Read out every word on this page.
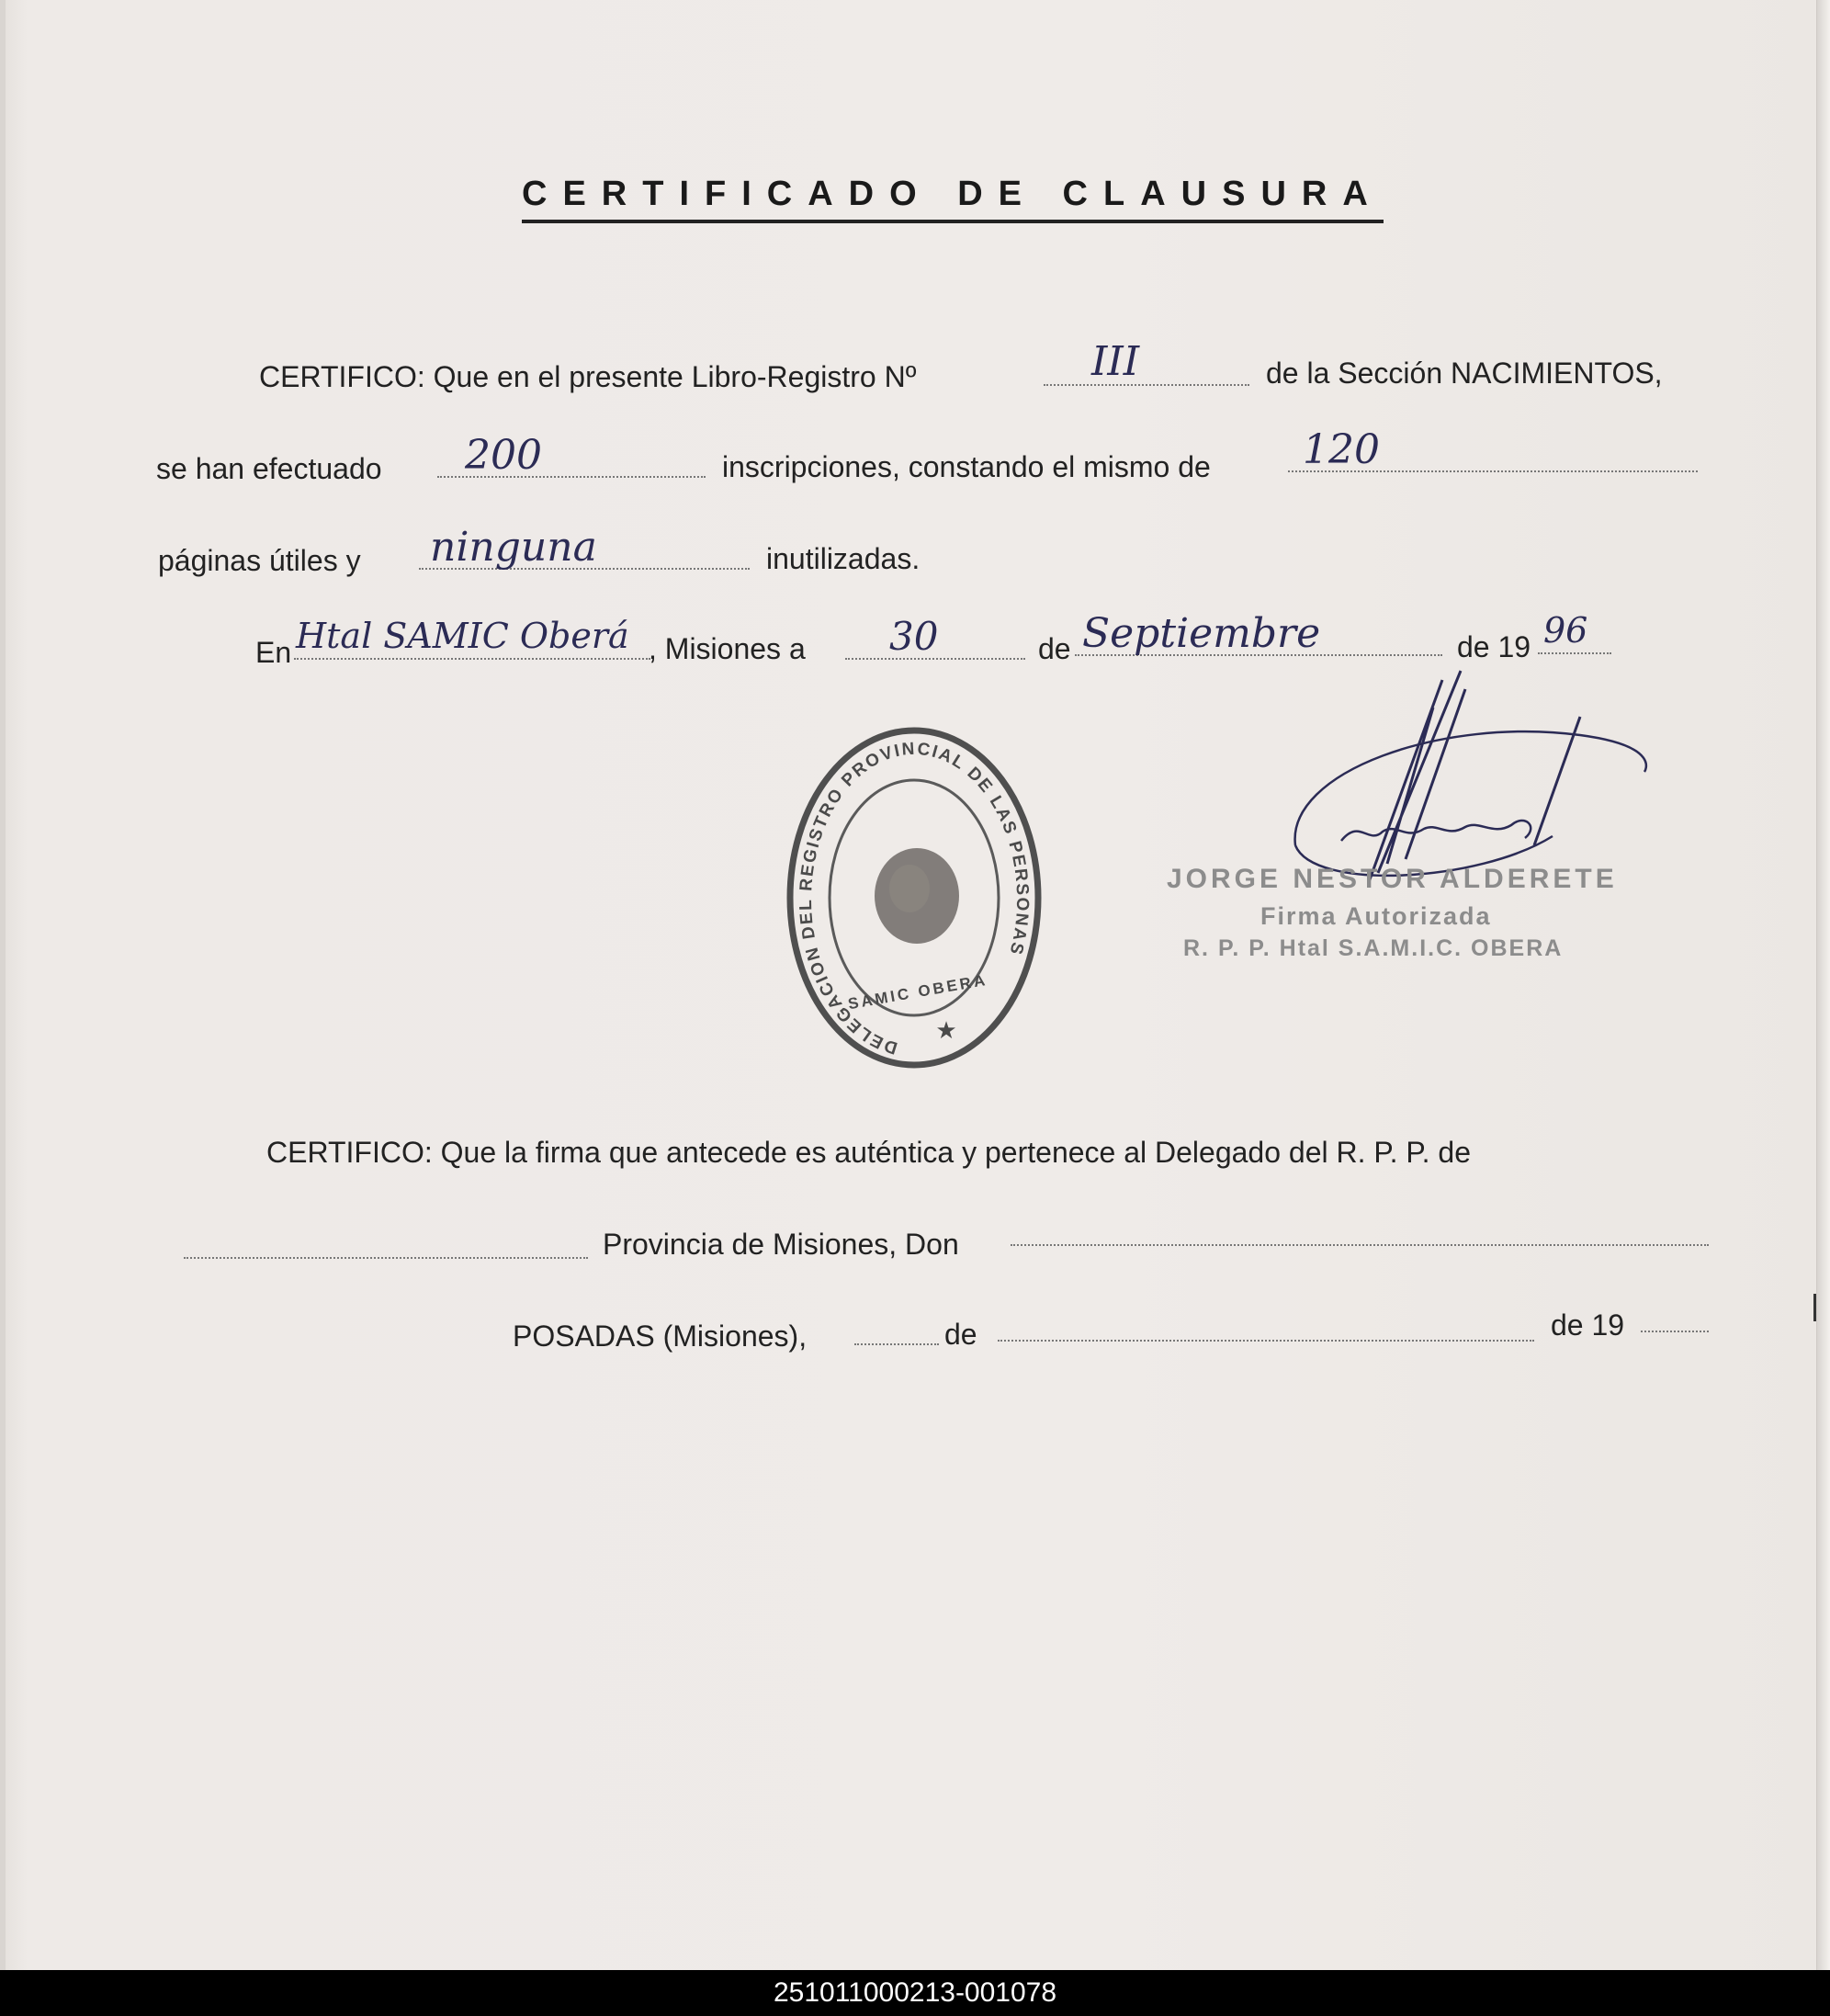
CERTIFICADO DE CLAUSURA
CERTIFICO: Que en el presente Libro-Registro Nº	III	de la Sección NACIMIENTOS,
se han efectuado 200	inscripciones, constando el mismo de 120
páginas útiles y ninguna	inutilizadas.
En Htal SAMIC Oberá , Misiones a 30	de Septiembre	de 19 96
DELEGACION DEL REGISTRO PROVINCIAL DE LAS PERSONAS
SAMIC OBERA
★
JORGE NESTOR ALDERETE
Firma Autorizada
R. P. P. Htal S.A.M.I.C. OBERA
CERTIFICO: Que la firma que antecede es auténtica y pertenece al Delegado del R. P. P. de
Provincia de Misiones, Don
POSADAS (Misiones),	de	de 19
251011000213-001078
